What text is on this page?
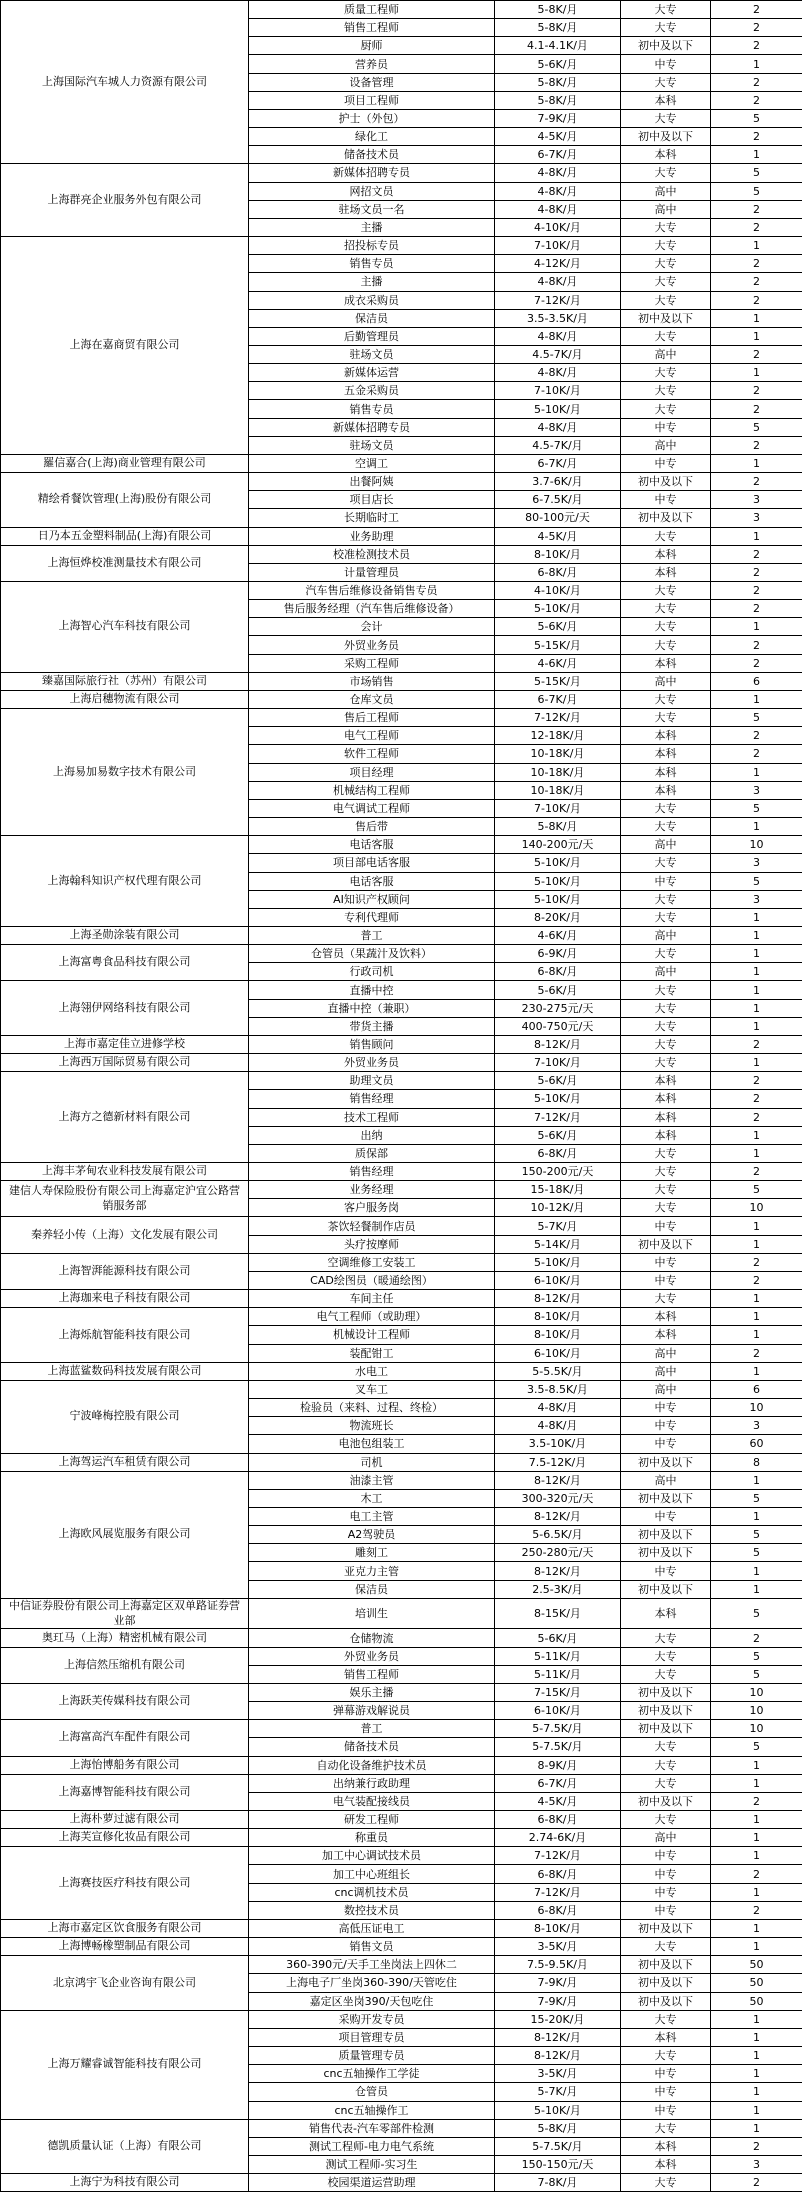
上海国际汽车城人力资源有限公司	质量工程师	5-8K/月	大专	2
	销售工程师	5-8K/月	大专	2
	厨师	4.1-4.1K/月	初中及以下	2
	营养员	5-6K/月	中专	1
	设备管理	5-8K/月	大专	2
	项目工程师	5-8K/月	本科	2
	护士（外包）	7-9K/月	大专	5
	绿化工	4-5K/月	初中及以下	2
	储备技术员	6-7K/月	本科	1
上海群亮企业服务外包有限公司	新媒体招聘专员	4-8K/月	大专	5
	网招文员	4-8K/月	高中	5
	驻场文员一名	4-8K/月	高中	2
	主播	4-10K/月	大专	2
上海在嘉商贸有限公司	招投标专员	7-10K/月	大专	1
	销售专员	4-12K/月	大专	2
	主播	4-8K/月	大专	2
	成衣采购员	7-12K/月	大专	2
	保洁员	3.5-3.5K/月	初中及以下	1
	后勤管理员	4-8K/月	大专	1
	驻场文员	4.5-7K/月	高中	2
	新媒体运营	4-8K/月	大专	1
	五金采购员	7-10K/月	大专	2
	销售专员	5-10K/月	大专	2
	新媒体招聘专员	4-8K/月	中专	5
	驻场文员	4.5-7K/月	高中	2
羅信嘉合(上海)商业管理有限公司	空调工	6-7K/月	中专	1
精绘肴餐饮管理(上海)股份有限公司	出餐阿姨	3.7-6K/月	初中及以下	2
	项目店长	6-7.5K/月	中专	3
	长期临时工	80-100元/天	初中及以下	3
日乃本五金塑料制品(上海)有限公司	业务助理	4-5K/月	大专	1
上海恒烨校准测量技术有限公司	校准检测技术员	8-10K/月	本科	2
	计量管理员	6-8K/月	本科	2
上海智心汽车科技有限公司	汽车售后维修设备销售专员	4-10K/月	大专	2
	售后服务经理（汽车售后维修设备）	5-10K/月	大专	2
	会计	5-6K/月	大专	1
	外贸业务员	5-15K/月	大专	2
	采购工程师	4-6K/月	本科	2
臻嘉国际旅行社（苏州）有限公司	市场销售	5-15K/月	高中	6
上海启穗物流有限公司	仓库文员	6-7K/月	大专	1
上海易加易数字技术有限公司	售后工程师	7-12K/月	大专	5
	电气工程师	12-18K/月	本科	2
	软件工程师	10-18K/月	本科	2
	项目经理	10-18K/月	本科	1
	机械结构工程师	10-18K/月	本科	3
	电气调试工程师	7-10K/月	大专	5
	售后带	5-8K/月	大专	1
上海翰科知识产权代理有限公司	电话客服	140-200元/天	高中	10
	项目部电话客服	5-10K/月	大专	3
	电话客服	5-10K/月	中专	5
	AI知识产权顾问	5-10K/月	大专	3
	专利代理师	8-20K/月	大专	1
上海圣勋涂装有限公司	普工	4-6K/月	高中	1
上海富粤食品科技有限公司	仓管员（果蔬汁及饮料）	6-9K/月	大专	1
	行政司机	6-8K/月	高中	1
上海翎伊网络科技有限公司	直播中控	5-6K/月	大专	1
	直播中控（兼职）	230-275元/天	大专	1
	带货主播	400-750元/天	大专	1
上海市嘉定佳立进修学校	销售顾问	8-12K/月	大专	2
上海西万国际贸易有限公司	外贸业务员	7-10K/月	大专	1
上海方之德新材料有限公司	助理文员	5-6K/月	本科	2
	销售经理	5-10K/月	本科	2
	技术工程师	7-12K/月	本科	2
	出纳	5-6K/月	本科	1
	质保部	6-8K/月	大专	1
上海丰茅甸农业科技发展有限公司	销售经理	150-200元/天	大专	2
建信人寿保险股份有限公司上海嘉定沪宜公路营销服务部	业务经理	15-18K/月	大专	5
	客户服务岗	10-12K/月	大专	10
秦养轻小传（上海）文化发展有限公司	茶饮轻餐制作店员	5-7K/月	中专	1
	头疗按摩师	5-14K/月	初中及以下	1
上海智湃能源科技有限公司	空调维修工安装工	5-10K/月	中专	2
	CAD绘图员（暖通绘图）	6-10K/月	中专	2
上海珈来电子科技有限公司	车间主任	8-12K/月	大专	1
上海烁航智能科技有限公司	电气工程师（或助理）	8-10K/月	本科	1
	机械设计工程师	8-10K/月	本科	1
	装配钳工	6-10K/月	高中	2
上海蓝鲨数码科技发展有限公司	水电工	5-5.5K/月	高中	1
宁波峰梅控股有限公司	叉车工	3.5-8.5K/月	高中	6
	检验员（来料、过程、终检）	4-8K/月	中专	10
	物流班长	4-8K/月	中专	3
	电池包组装工	3.5-10K/月	中专	60
上海驾运汽车租赁有限公司	司机	7.5-12K/月	初中及以下	8
上海欧风展览服务有限公司	油漆主管	8-12K/月	高中	1
	木工	300-320元/天	初中及以下	5
	电工主管	8-12K/月	中专	1
	A2驾驶员	5-6.5K/月	初中及以下	5
	雕刻工	250-280元/天	初中及以下	5
	亚克力主管	8-12K/月	中专	1
	保洁员	2.5-3K/月	初中及以下	1
中信证券股份有限公司上海嘉定区双单路证券营业部	培训生	8-15K/月	本科	5
奥玒马（上海）精密机械有限公司	仓储物流	5-6K/月	大专	2
上海信然压缩机有限公司	外贸业务员	5-11K/月	大专	5
	销售工程师	5-11K/月	大专	5
上海跃芙传媒科技有限公司	娱乐主播	7-15K/月	初中及以下	10
	弹幕游戏解说员	6-10K/月	初中及以下	10
上海富高汽车配件有限公司	普工	5-7.5K/月	初中及以下	10
	储备技术员	5-7.5K/月	大专	5
上海怡博船务有限公司	自动化设备维护技术员	8-9K/月	大专	1
上海嘉博智能科技有限公司	出纳兼行政助理	6-7K/月	大专	1
	电气装配接线员	4-5K/月	初中及以下	2
上海朴萝过滤有限公司	研发工程师	6-8K/月	大专	1
上海芙宣修化妆品有限公司	称重员	2.74-6K/月	高中	1
上海赛技医疗科技有限公司	加工中心调试技术员	7-12K/月	中专	1
	加工中心班组长	6-8K/月	中专	2
	cnc调机技术员	7-12K/月	中专	1
	数控技术员	6-8K/月	中专	2
上海市嘉定区饮食服务有限公司	高低压证电工	8-10K/月	初中及以下	1
上海博畅橡塑制品有限公司	销售文员	3-5K/月	大专	1
北京鸿宇飞企业咨询有限公司	360-390元/天手工坐岗法上四休二	7.5-9.5K/月	初中及以下	50
	上海电子厂坐岗360-390/天管吃住	7-9K/月	初中及以下	50
	嘉定区坐岗390/天包吃住	7-9K/月	初中及以下	50
上海万耀睿诚智能科技有限公司	采购开发专员	15-20K/月	大专	1
	项目管理专员	8-12K/月	本科	1
	质量管理专员	8-12K/月	大专	1
	cnc五轴操作工学徒	3-5K/月	中专	1
	仓管员	5-7K/月	中专	1
	cnc五轴操作工	5-10K/月	中专	1
德凯质量认证（上海）有限公司	销售代表-汽车零部件检测	5-8K/月	大专	1
	测试工程师-电力电气系统	5-7.5K/月	本科	2
	测试工程师-实习生	150-150元/天	本科	3
上海宁为科技有限公司	校园渠道运营助理	7-8K/月	大专	2
